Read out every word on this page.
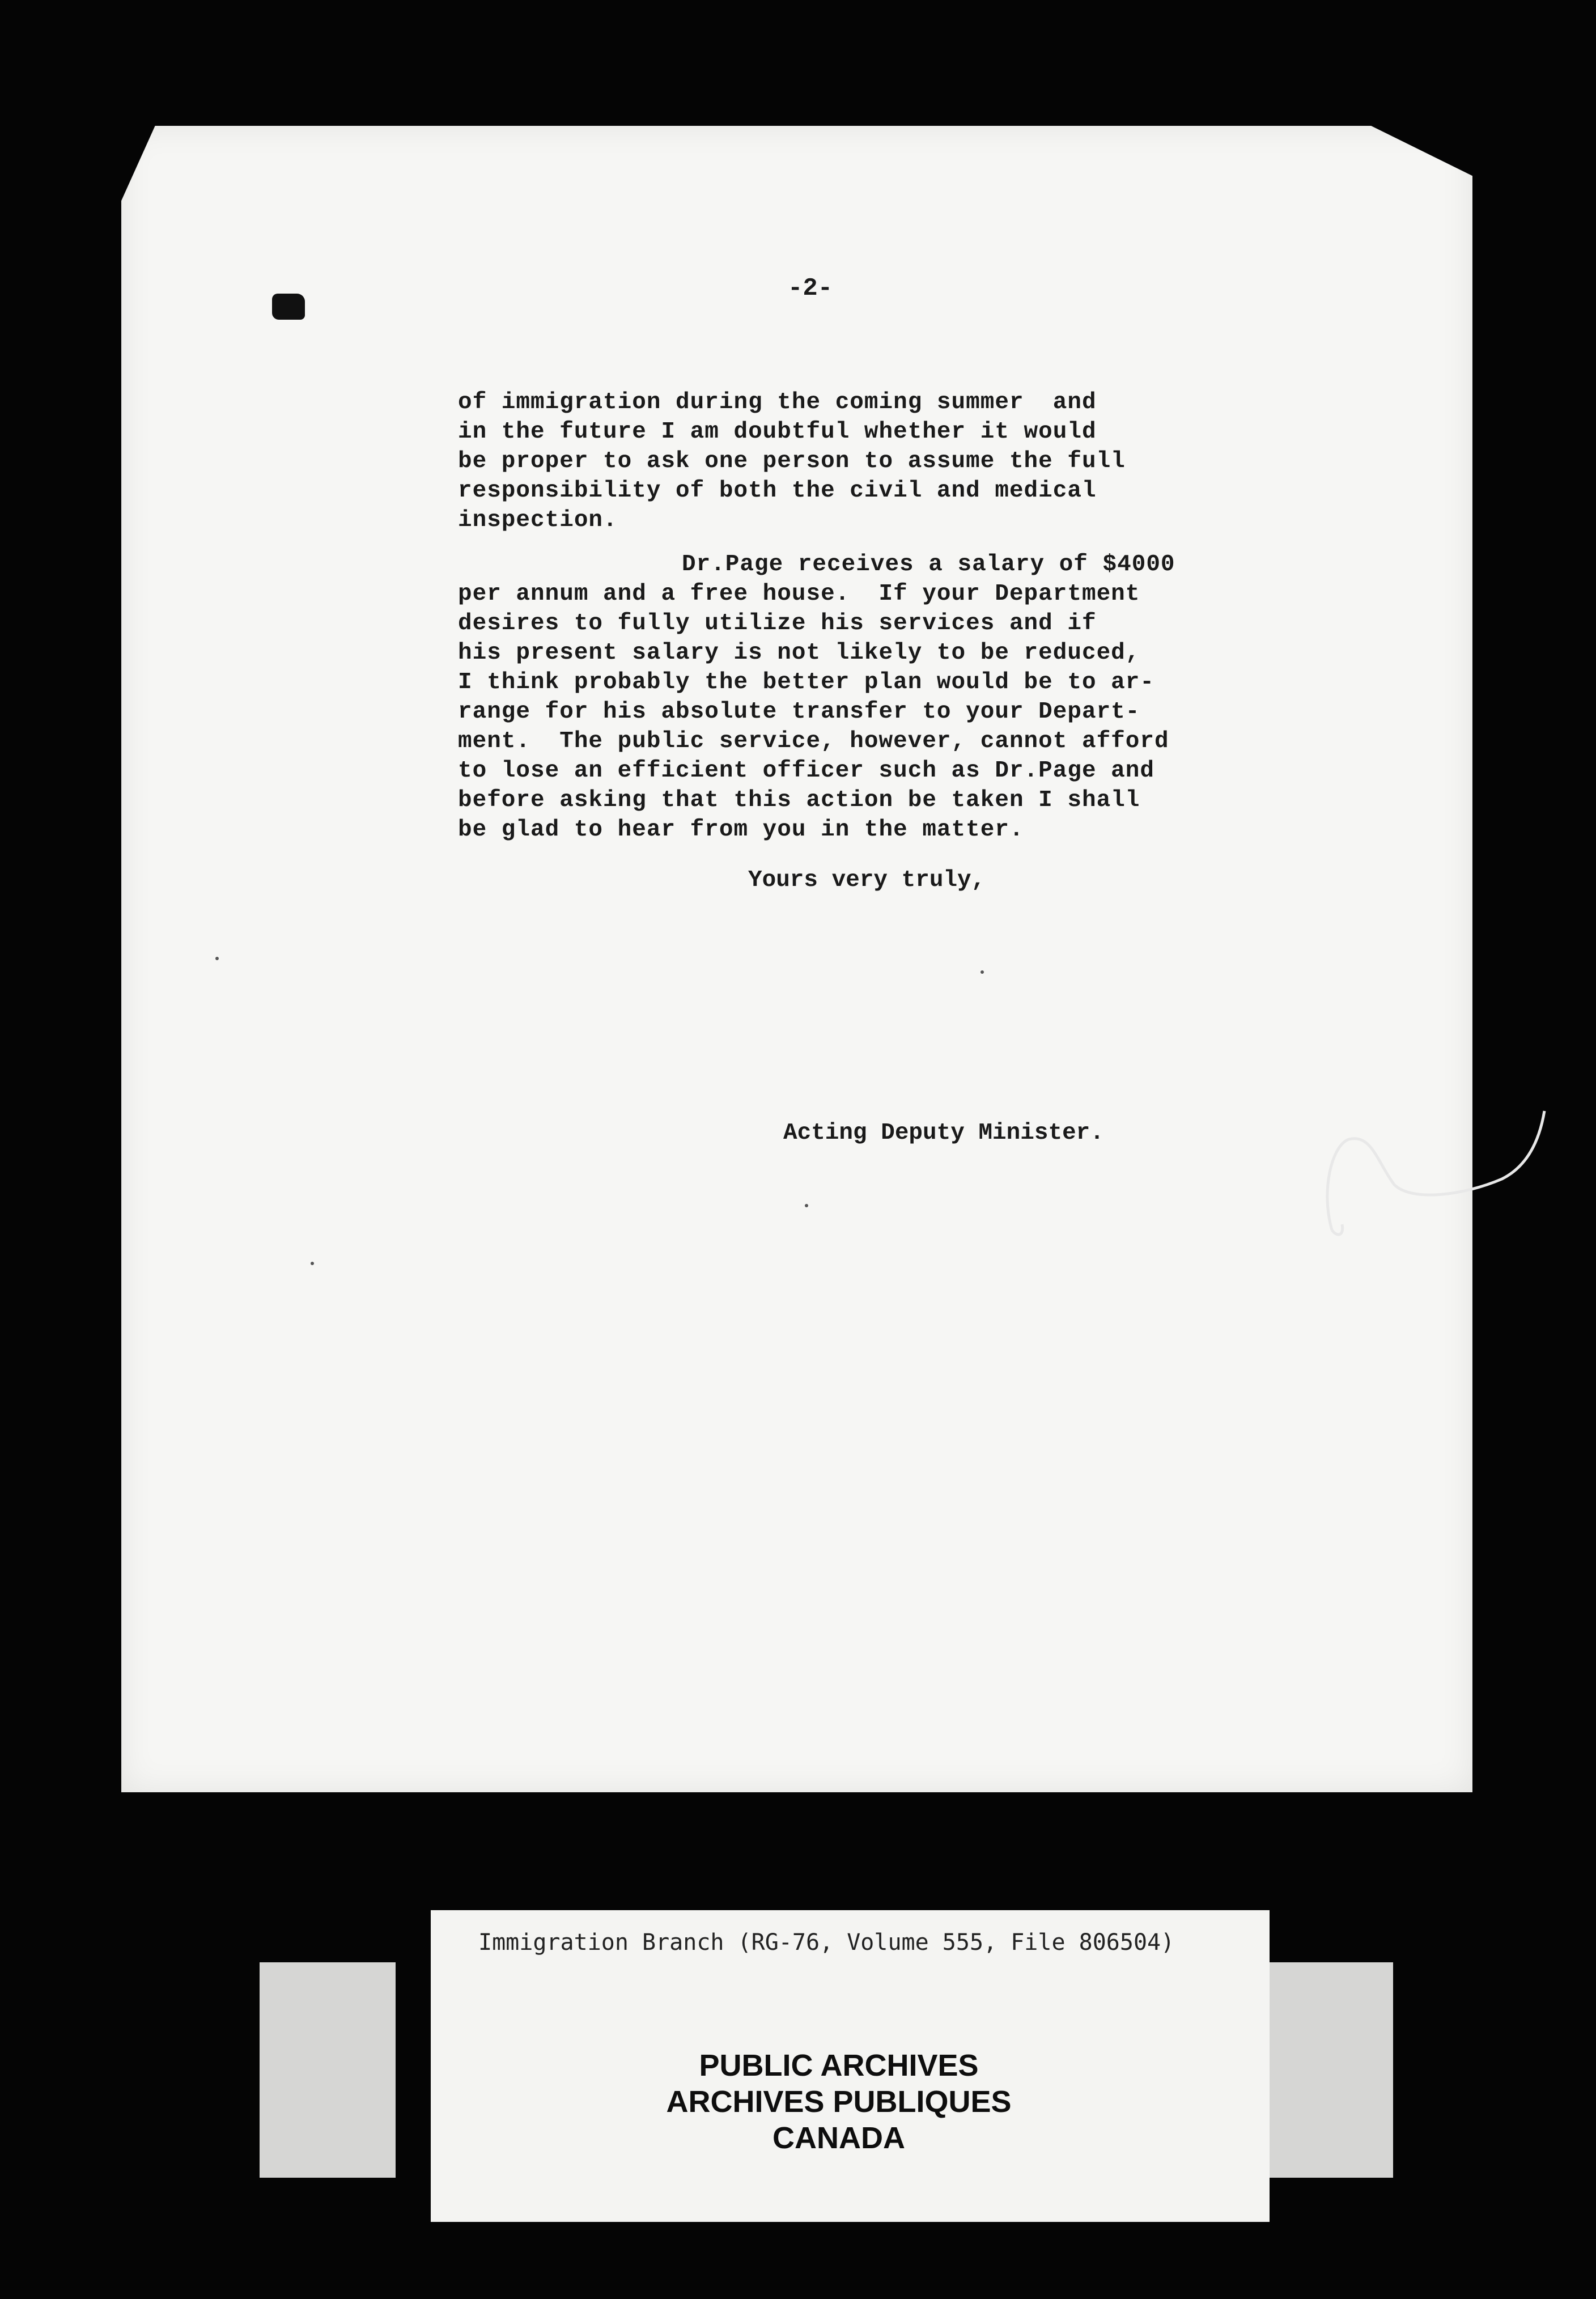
-2-

of immigration during the coming summer  and

in the future I am doubtful whether it would

be proper to ask one person to assume the full

responsibility of both the civil and medical

inspection.

Dr.Page receives a salary of $4000

per annum and a free house.  If your Department

desires to fully utilize his services and if

his present salary is not likely to be reduced,

I think probably the better plan would be to ar-

range for his absolute transfer to your Depart-

ment.  The public service, however, cannot afford

to lose an efficient officer such as Dr.Page and

before asking that this action be taken I shall

be glad to hear from you in the matter.

Yours very truly,
Acting Deputy Minister.
Immigration Branch (RG-76, Volume 555, File 806504)
PUBLIC ARCHIVES
ARCHIVES PUBLIQUES
CANADA
